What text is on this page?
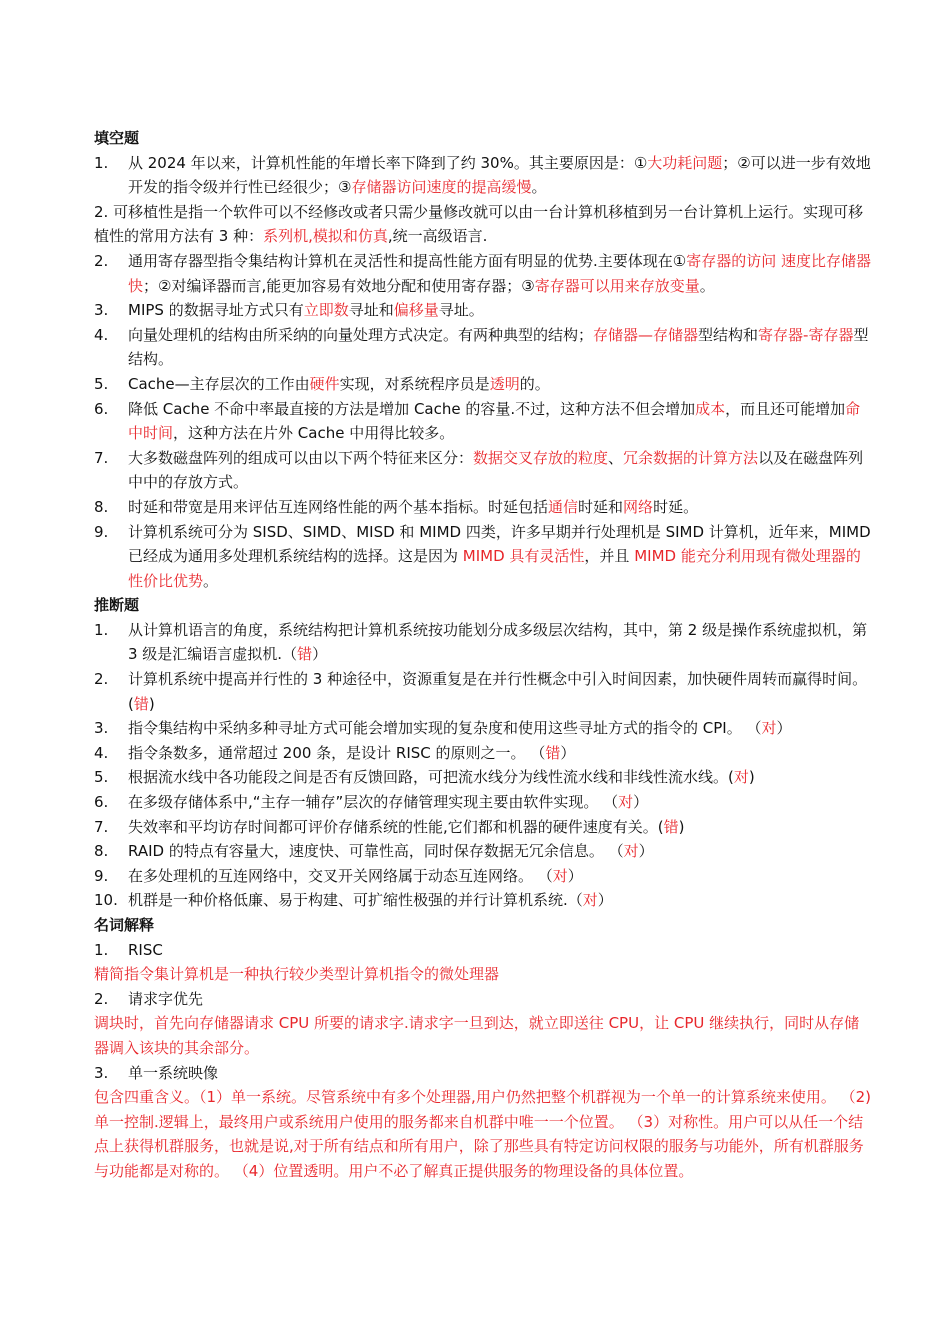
填空题
1.	从 2024 年以来，计算机性能的年增长率下降到了约 30%。其主要原因是：①大功耗问题；②可以进一步有效地开发的指令级并行性已经很少；③存储器访问速度的提高缓慢。
2. 可移植性是指一个软件可以不经修改或者只需少量修改就可以由一台计算机移植到另一台计算机上运行。实现可移植性的常用方法有 3 种：系列机,模拟和仿真,统一高级语言.
2.	通用寄存器型指令集结构计算机在灵活性和提高性能方面有明显的优势.主要体现在①寄存器的访问 速度比存储器快；②对编译器而言,能更加容易有效地分配和使用寄存器；③寄存器可以用来存放变量。
3.	MIPS 的数据寻址方式只有立即数寻址和偏移量寻址。
4.	向量处理机的结构由所采纳的向量处理方式决定。有两种典型的结构；存储器—存储器型结构和寄存器-寄存器型结构。
5.	Cache—主存层次的工作由硬件实现，对系统程序员是透明的。
6.	降低 Cache 不命中率最直接的方法是增加 Cache 的容量.不过，这种方法不但会增加成本，而且还可能增加命中时间，这种方法在片外 Cache 中用得比较多。
7.	大多数磁盘阵列的组成可以由以下两个特征来区分：数据交叉存放的粒度、冗余数据的计算方法以及在磁盘阵列中中的存放方式。
8.	时延和带宽是用来评估互连网络性能的两个基本指标。时延包括通信时延和网络时延。
9.	计算机系统可分为 SISD、SIMD、MISD 和 MIMD 四类，许多早期并行处理机是 SIMD 计算机，近年来，MIMD 已经成为通用多处理机系统结构的选择。这是因为 MIMD 具有灵活性，并且 MIMD 能充分利用现有微处理器的性价比优势。
推断题
1.	从计算机语言的角度，系统结构把计算机系统按功能划分成多级层次结构，其中，第 2 级是操作系统虚拟机，第 3 级是汇编语言虚拟机.（错）
2.	计算机系统中提高并行性的 3 种途径中，资源重复是在并行性概念中引入时间因素，加快硬件周转而赢得时间。(错)
3.	指令集结构中采纳多种寻址方式可能会增加实现的复杂度和使用这些寻址方式的指令的 CPI。 （对）
4.	指令条数多，通常超过 200 条，是设计 RISC 的原则之一。 （错）
5.	根据流水线中各功能段之间是否有反馈回路，可把流水线分为线性流水线和非线性流水线。(对)
6.	在多级存储体系中,“主存一辅存”层次的存储管理实现主要由软件实现。 （对）
7.	失效率和平均访存时间都可评价存储系统的性能,它们都和机器的硬件速度有关。(错)
8.	RAID 的特点有容量大，速度快、可靠性高，同时保存数据无冗余信息。 （对）
9.	在多处理机的互连网络中，交叉开关网络属于动态互连网络。 （对）
10. 机群是一种价格低廉、易于构建、可扩缩性极强的并行计算机系统.（对）
名词解释
1.	RISC
精简指令集计算机是一种执行较少类型计算机指令的微处理器
2.	请求字优先
调块时，首先向存储器请求 CPU 所要的请求字.请求字一旦到达，就立即送往 CPU，让 CPU 继续执行，同时从存储器调入该块的其余部分。
3.	单一系统映像
包含四重含义。（1）单一系统。尽管系统中有多个处理器,用户仍然把整个机群视为一个单一的计算系统来使用。 （2)单一控制.逻辑上，最终用户或系统用户使用的服务都来自机群中唯一一个位置。 （3）对称性。用户可以从任一个结点上获得机群服务，也就是说,对于所有结点和所有用户，除了那些具有特定访问权限的服务与功能外，所有机群服务与功能都是对称的。 （4）位置透明。用户不必了解真正提供服务的物理设备的具体位置。
